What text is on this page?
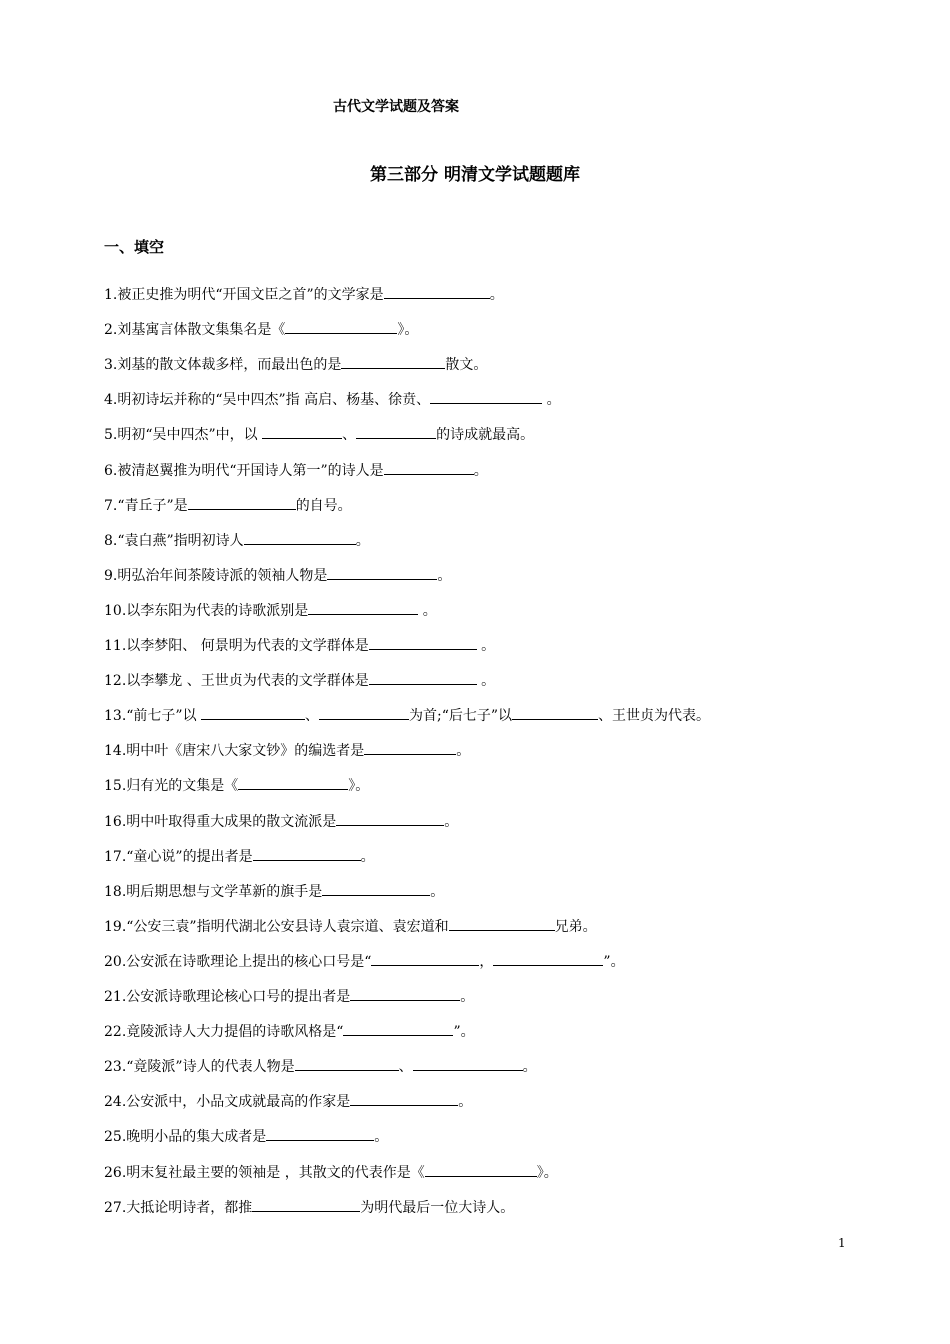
古代文学试题及答案
第三部分 明清文学试题题库
一、填空
1.被正史推为明代“开国文臣之首”的文学家是	。
2.刘基寓言体散文集集名是《	》。
3.刘基的散文体裁多样，而最出色的是	散文。
4.明初诗坛并称的“吴中四杰”指 高启、杨基、徐贲、	。
5.明初“吴中四杰”中，以	、	的诗成就最高。
6.被清赵翼推为明代“开国诗人第一”的诗人是	。
7.“青丘子”是	的自号。
8.“袁白燕”指明初诗人	。
9.明弘治年间茶陵诗派的领袖人物是	。
10.以李东阳为代表的诗歌派别是	。
11.以李梦阳、 何景明为代表的文学群体是	。
12.以李攀龙 、王世贞为代表的文学群体是	。
13.“前七子”以	、	为首;“后七子”以	、王世贞为代表。
14.明中叶《唐宋八大家文钞》的编选者是	。
15.归有光的文集是《	》。
16.明中叶取得重大成果的散文流派是	。
17.“童心说”的提出者是	。
18.明后期思想与文学革新的旗手是	。
19.“公安三袁”指明代湖北公安县诗人袁宗道、袁宏道和	兄弟。
20.公安派在诗歌理论上提出的核心口号是“	，	”。
21.公安派诗歌理论核心口号的提出者是	。
22.竟陵派诗人大力提倡的诗歌风格是“	”。
23.“竟陵派”诗人的代表人物是	、	。
24.公安派中，小品文成就最高的作家是	。
25.晚明小品的集大成者是	。
26.明末复社最主要的领袖是 ，其散文的代表作是《	》。
27.大抵论明诗者，都推	为明代最后一位大诗人。
1
